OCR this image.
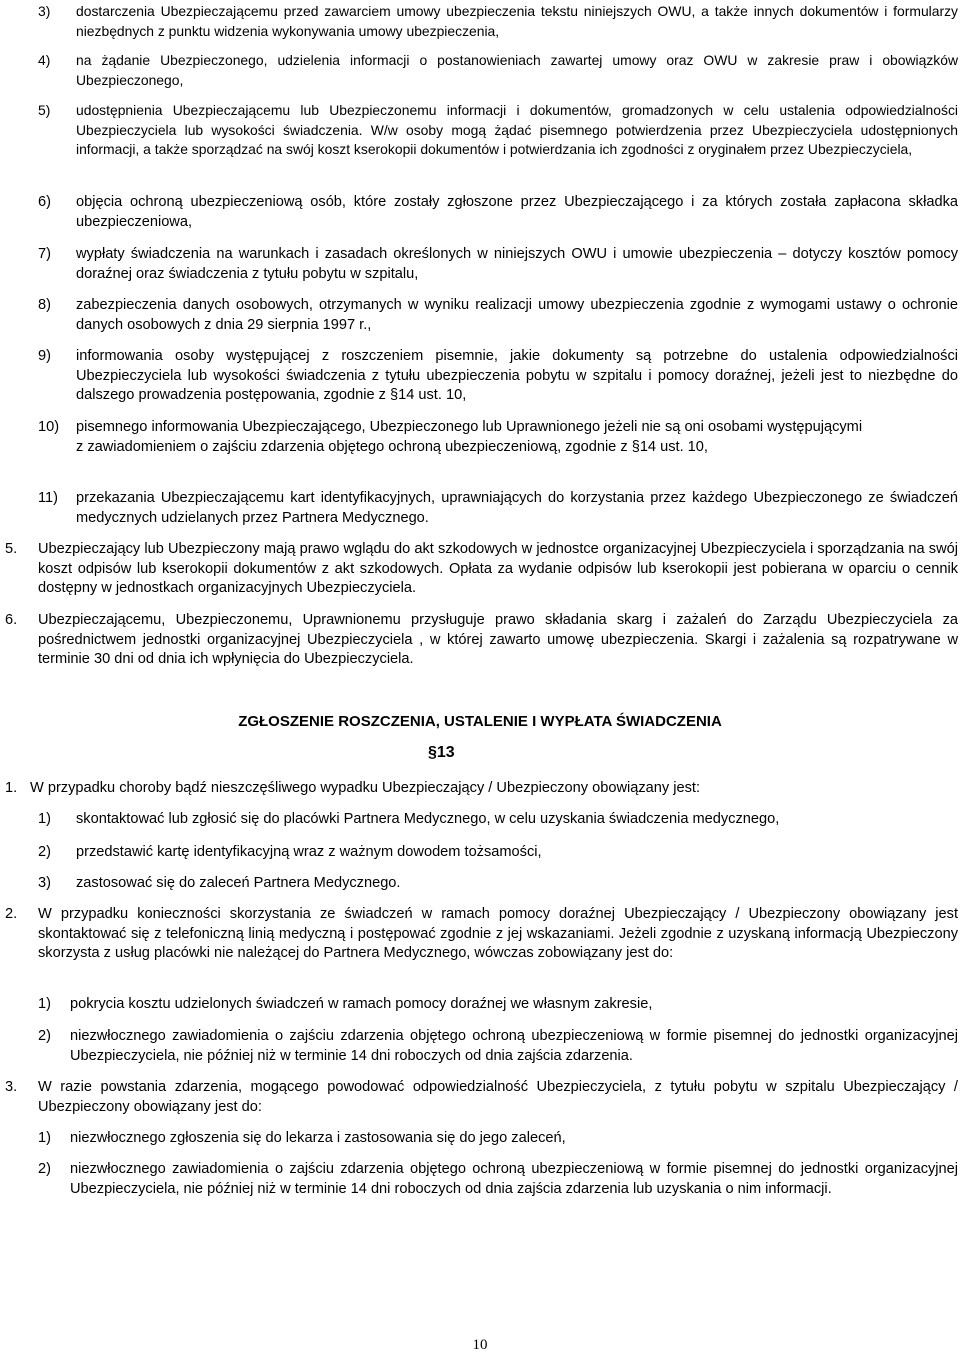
3)	dostarczenia Ubezpieczającemu przed zawarciem umowy ubezpieczenia tekstu niniejszych OWU, a także innych dokumentów i formularzy niezbędnych z punktu widzenia wykonywania umowy ubezpieczenia,
4)	na żądanie Ubezpieczonego, udzielenia informacji o postanowieniach zawartej umowy oraz OWU w zakresie praw i obowiązków Ubezpieczonego,
5)	udostępnienia Ubezpieczającemu lub Ubezpieczonemu informacji i dokumentów, gromadzonych w celu ustalenia odpowiedzialności Ubezpieczyciela lub wysokości świadczenia. W/w osoby mogą żądać pisemnego potwierdzenia przez Ubezpieczyciela udostępnionych informacji, a także sporządzać na swój koszt kserokopii dokumentów i potwierdzania ich zgodności z oryginałem przez Ubezpieczyciela,
6)	objęcia ochroną ubezpieczeniową osób, które zostały zgłoszone przez Ubezpieczającego i za których została zapłacona składka ubezpieczeniowa,
7)	wypłaty świadczenia na warunkach i zasadach określonych w niniejszych OWU i umowie ubezpieczenia – dotyczy kosztów pomocy doraźnej oraz świadczenia z tytułu pobytu w szpitalu,
8)	zabezpieczenia danych osobowych, otrzymanych w wyniku realizacji umowy ubezpieczenia zgodnie z wymogami ustawy o ochronie danych osobowych z dnia 29 sierpnia 1997 r.,
9)	informowania osoby występującej z roszczeniem pisemnie, jakie dokumenty są potrzebne do ustalenia odpowiedzialności Ubezpieczyciela lub wysokości świadczenia z tytułu ubezpieczenia pobytu w szpitalu i pomocy doraźnej, jeżeli jest to niezbędne do dalszego prowadzenia postępowania, zgodnie z §14 ust. 10,
10)	pisemnego informowania Ubezpieczającego, Ubezpieczonego lub Uprawnionego jeżeli nie są oni osobami występującymi
z zawiadomieniem o zajściu zdarzenia objętego ochroną ubezpieczeniową, zgodnie z §14 ust. 10,
11)	przekazania Ubezpieczającemu kart identyfikacyjnych, uprawniających do korzystania przez każdego Ubezpieczonego ze świadczeń medycznych udzielanych przez Partnera Medycznego.
5.	Ubezpieczający lub Ubezpieczony mają prawo wglądu do akt szkodowych w jednostce organizacyjnej Ubezpieczyciela i sporządzania na swój koszt odpisów lub kserokopii dokumentów z akt szkodowych. Opłata za wydanie odpisów lub kserokopii jest pobierana w oparciu o cennik dostępny w jednostkach organizacyjnych Ubezpieczyciela.
6.	Ubezpieczającemu, Ubezpieczonemu, Uprawnionemu przysługuje prawo składania skarg i zażaleń do Zarządu Ubezpieczyciela za pośrednictwem jednostki organizacyjnej Ubezpieczyciela , w której zawarto umowę ubezpieczenia. Skargi i zażalenia są rozpatrywane w terminie 30 dni od dnia ich wpłynięcia do Ubezpieczyciela.
ZGŁOSZENIE ROSZCZENIA, USTALENIE I WYPŁATA ŚWIADCZENIA
§13
1. W przypadku choroby bądź nieszczęśliwego wypadku Ubezpieczający / Ubezpieczony obowiązany jest:
1)	skontaktować lub zgłosić się do placówki Partnera Medycznego, w celu uzyskania świadczenia medycznego,
2)	przedstawić kartę identyfikacyjną wraz z ważnym dowodem tożsamości,
3)	zastosować się do zaleceń Partnera Medycznego.
2.	W przypadku konieczności skorzystania ze świadczeń w ramach pomocy doraźnej Ubezpieczający / Ubezpieczony obowiązany jest skontaktować się z telefoniczną linią medyczną i postępować zgodnie z jej wskazaniami. Jeżeli zgodnie z uzyskaną informacją Ubezpieczony skorzysta z usług placówki nie należącej do Partnera Medycznego, wówczas zobowiązany jest do:
1)	pokrycia kosztu udzielonych świadczeń w ramach pomocy doraźnej we własnym zakresie,
2)	niezwłocznego zawiadomienia o zajściu zdarzenia objętego ochroną ubezpieczeniową w formie pisemnej do jednostki organizacyjnej Ubezpieczyciela, nie później niż w terminie 14 dni roboczych od dnia zajścia zdarzenia.
3.	W razie powstania zdarzenia, mogącego powodować odpowiedzialność Ubezpieczyciela, z tytułu pobytu w szpitalu Ubezpieczający / Ubezpieczony obowiązany jest do:
1)	niezwłocznego zgłoszenia się do lekarza i zastosowania się do jego zaleceń,
2)	niezwłocznego zawiadomienia o zajściu zdarzenia objętego ochroną ubezpieczeniową w formie pisemnej do jednostki organizacyjnej Ubezpieczyciela, nie później niż w terminie 14 dni roboczych od dnia zajścia zdarzenia lub uzyskania o nim informacji.
10
